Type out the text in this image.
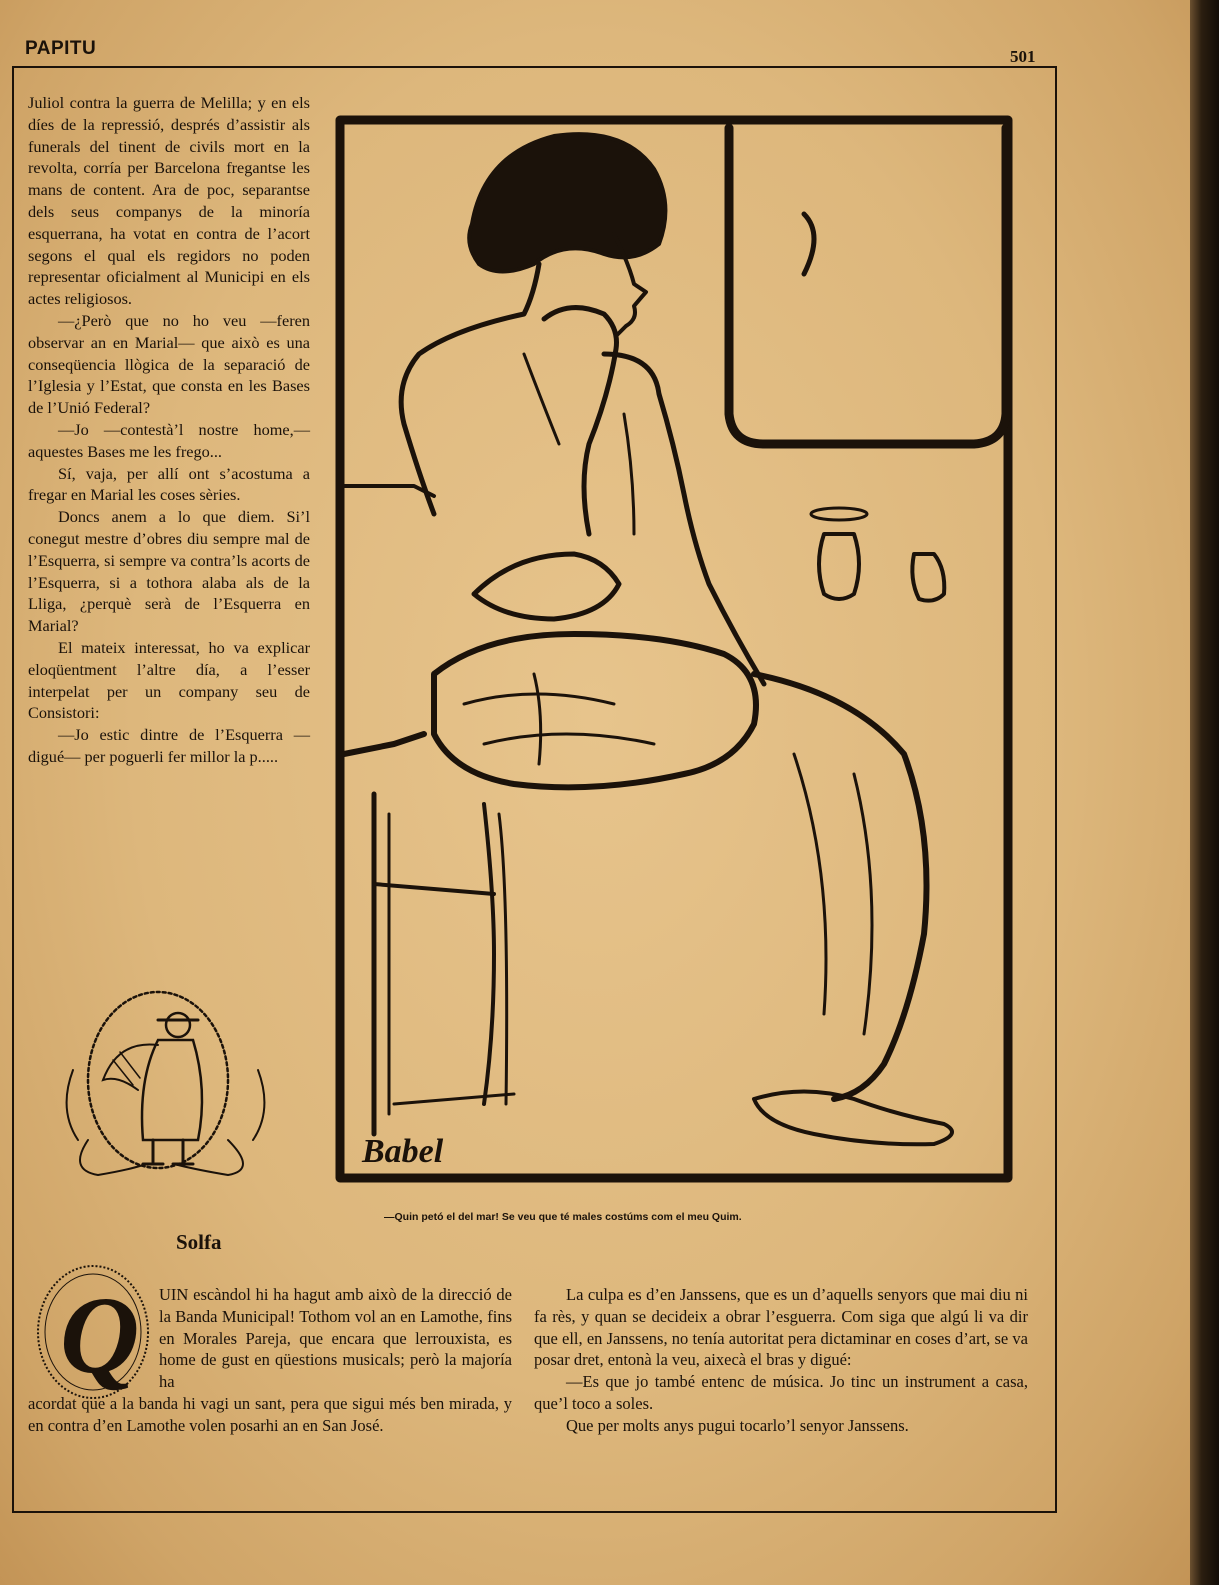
PAPITU	501

Juliol contra la guerra de Melilla; y en els díes de la repressió, després d’assistir als funerals del tinent de civils mort en la revolta, corría per Barcelona fregantse les mans de content. Ara de poc, separantse dels seus companys de la minoría esquerrana, ha votat en contra de l’acort segons el qual els regidors no poden representar oficialment al Municipi en els actes religiosos.

—¿Però que no ho veu —feren observar an en Marial— que això es una conseqüencia llògica de la separació de l’Iglesia y l’Estat, que consta en les Bases de l’Unió Federal?

—Jo —contestà’l nostre home,— aquestes Bases me les frego...

Sí, vaja, per allí ont s’acostuma a fregar en Marial les coses sèries.

Doncs anem a lo que diem. Si’l conegut mestre d’obres diu sempre mal de l’Esquerra, si sempre va contra’ls acorts de l’Esquerra, si a tothora alaba als de la Lliga, ¿perquè serà de l’Esquerra en Marial?

El mateix interessat, ho va explicar eloqüentment l’altre día, a l’esser interpelat per un company seu de Consistori:

—Jo estic dintre de l’Esquerra —digué— per poguerli fer millor la p.....

Babel
—Quin petó el del mar! Se veu que té males costúms com el meu Quim.
Solfa
Q UIN escàndol hi ha hagut amb això de la direcció de la Banda Municipal! Tothom vol an en Lamothe, fins en Morales Pareja, que encara que lerrouxista, es home de gust en qüestions musicals; però la majoría ha
acordat que a la banda hi vagi un sant, pera que sigui més ben mirada, y en contra d’en Lamothe volen posarhi an en San José.

La culpa es d’en Janssens, que es un d’aquells senyors que mai diu ni fa rès, y quan se decideix a obrar l’esguerra. Com siga que algú li va dir que ell, en Janssens, no tenía autoritat pera dictaminar en coses d’art, se va posar dret, entonà la veu, aixecà el bras y digué:

—Es que jo també entenc de música. Jo tinc un instrument a casa, que’l toco a soles.

Que per molts anys pugui tocarlo’l senyor Janssens.
